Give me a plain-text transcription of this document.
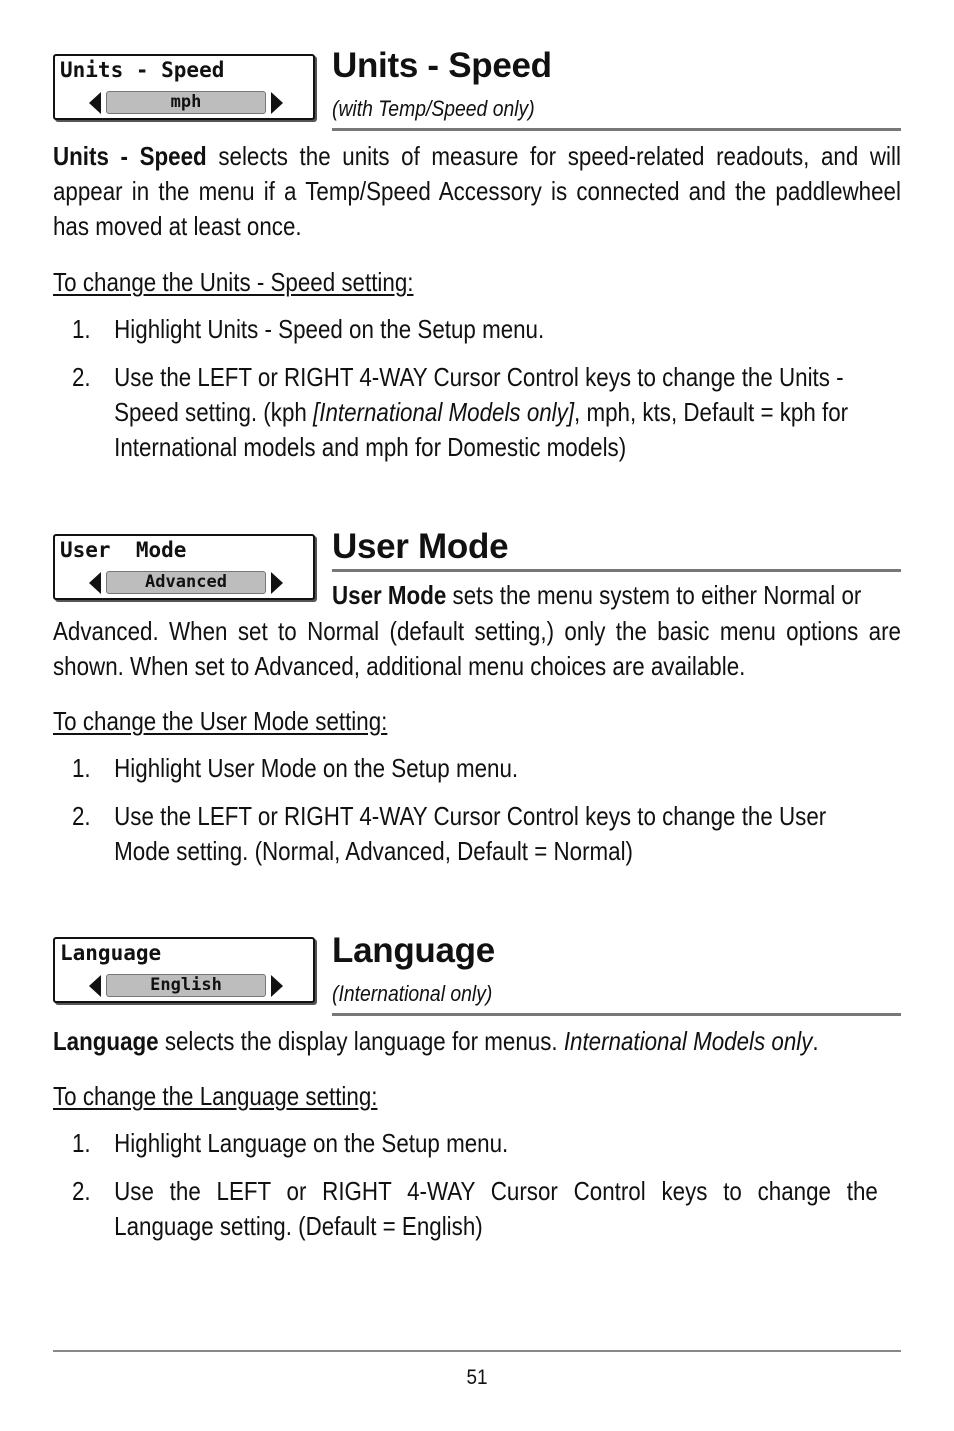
Units - Speed
mph
Units - Speed
(with Temp/Speed only)

Units - Speed selects the units of measure for speed-related readouts, and will appear in the menu if a Temp/Speed Accessory is connected and the paddlewheel has moved at least once.

To change the Units - Speed setting:

1. Highlight Units - Speed on the Setup menu.
2. Use the LEFT or RIGHT 4-WAY Cursor Control keys to change the Units - Speed setting. (kph [International Models only], mph, kts, Default = kph for International models and mph for Domestic models)
User  Mode
Advanced
User Mode

User Mode sets the menu system to either Normal or

Advanced. When set to Normal (default setting,) only the basic menu options are shown. When set to Advanced, additional menu choices are available.

To change the User Mode setting:

1. Highlight User Mode on the Setup menu.
2. Use the LEFT or RIGHT 4-WAY Cursor Control keys to change the User Mode setting. (Normal, Advanced, Default = Normal)
Language
English
Language
(International only)

Language selects the display language for menus. International Models only.

To change the Language setting:

1. Highlight Language on the Setup menu.
2. Use the LEFT or RIGHT 4-WAY Cursor Control keys to change the Language setting. (Default = English)
51
